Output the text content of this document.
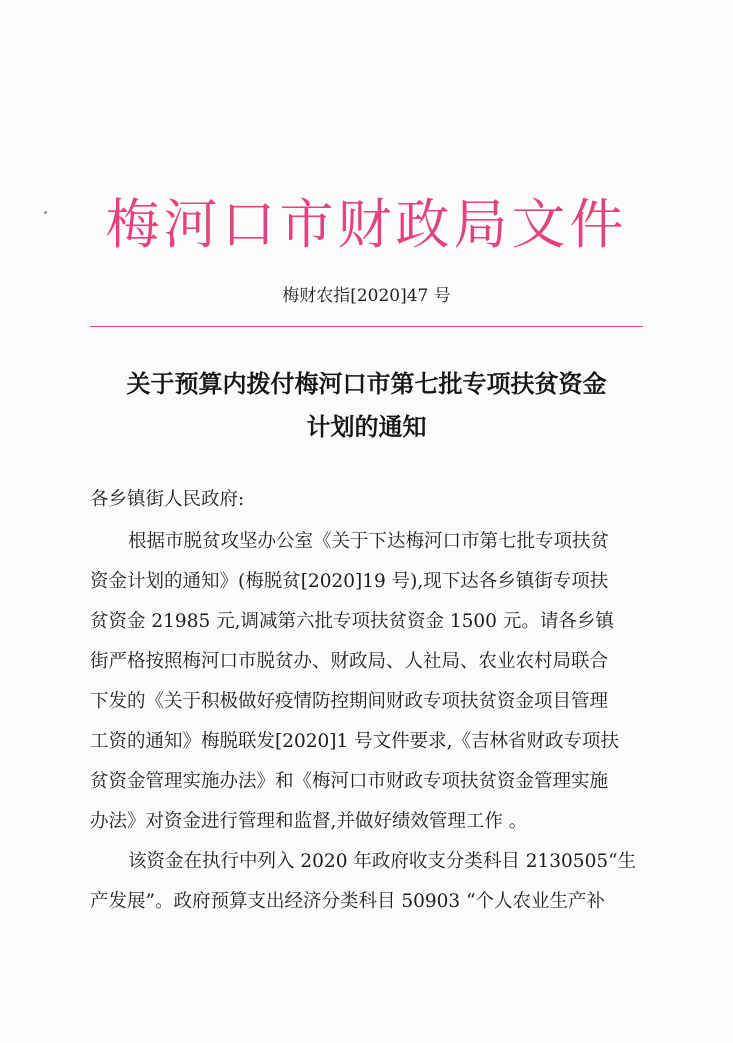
梅河口市财政局文件
梅财农指[2020]47 号
关于预算内拨付梅河口市第七批专项扶贫资金
计划的通知
各乡镇街人民政府:
根据市脱贫攻坚办公室《关于下达梅河口市第七批专项扶贫
资金计划的通知》(梅脱贫[2020]19 号),现下达各乡镇街专项扶
贫资金 21985 元,调减第六批专项扶贫资金 1500 元。请各乡镇
街严格按照梅河口市脱贫办、财政局、人社局、农业农村局联合
下发的《关于积极做好疫情防控期间财政专项扶贫资金项目管理
工资的通知》梅脱联发[2020]1 号文件要求,《吉林省财政专项扶
贫资金管理实施办法》和《梅河口市财政专项扶贫资金管理实施
办法》对资金进行管理和监督,并做好绩效管理工作 。
该资金在执行中列入 2020 年政府收支分类科目 2130505“生
产发展”。政府预算支出经济分类科目 50903 “个人农业生产补
